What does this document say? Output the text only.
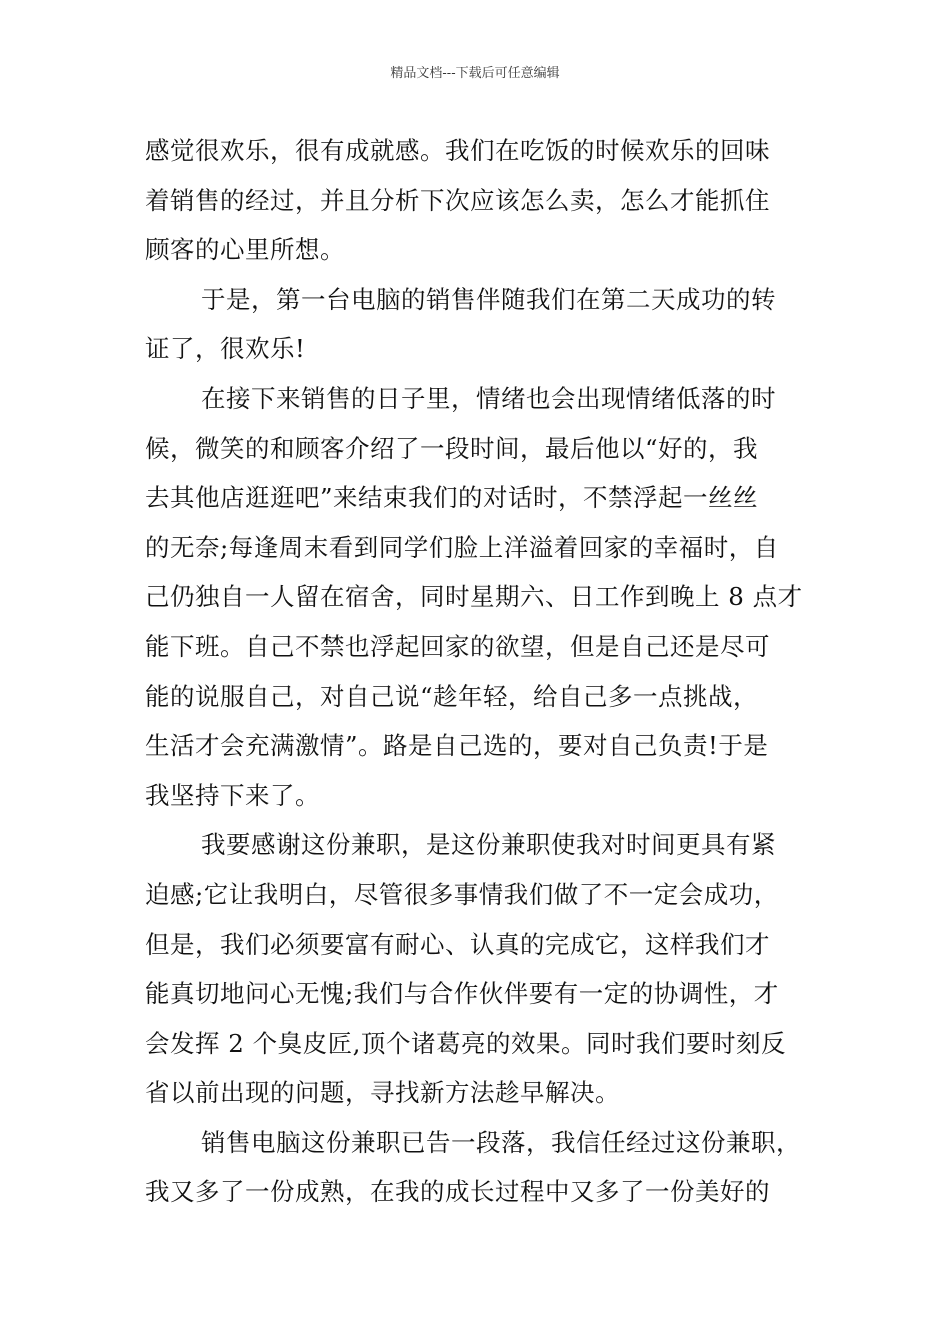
精品文档---下载后可任意编辑
感觉很欢乐，很有成就感。我们在吃饭的时候欢乐的回味
着销售的经过，并且分析下次应该怎么卖，怎么才能抓住
顾客的心里所想。
于是，第一台电脑的销售伴随我们在第二天成功的转
证了，很欢乐!
在接下来销售的日子里，情绪也会出现情绪低落的时
候，微笑的和顾客介绍了一段时间，最后他以“好的，我
去其他店逛逛吧”来结束我们的对话时，不禁浮起一丝丝
的无奈;每逢周末看到同学们脸上洋溢着回家的幸福时，自
己仍独自一人留在宿舍，同时星期六、日工作到晚上 8 点才
能下班。自己不禁也浮起回家的欲望，但是自己还是尽可
能的说服自己，对自己说“趁年轻，给自己多一点挑战，
生活才会充满激情”。路是自己选的，要对自己负责!于是
我坚持下来了。
我要感谢这份兼职，是这份兼职使我对时间更具有紧
迫感;它让我明白，尽管很多事情我们做了不一定会成功，
但是，我们必须要富有耐心、认真的完成它，这样我们才
能真切地问心无愧;我们与合作伙伴要有一定的协调性，才
会发挥 2 个臭皮匠,顶个诸葛亮的效果。同时我们要时刻反
省以前出现的问题，寻找新方法趁早解决。
销售电脑这份兼职已告一段落，我信任经过这份兼职，
我又多了一份成熟，在我的成长过程中又多了一份美好的
